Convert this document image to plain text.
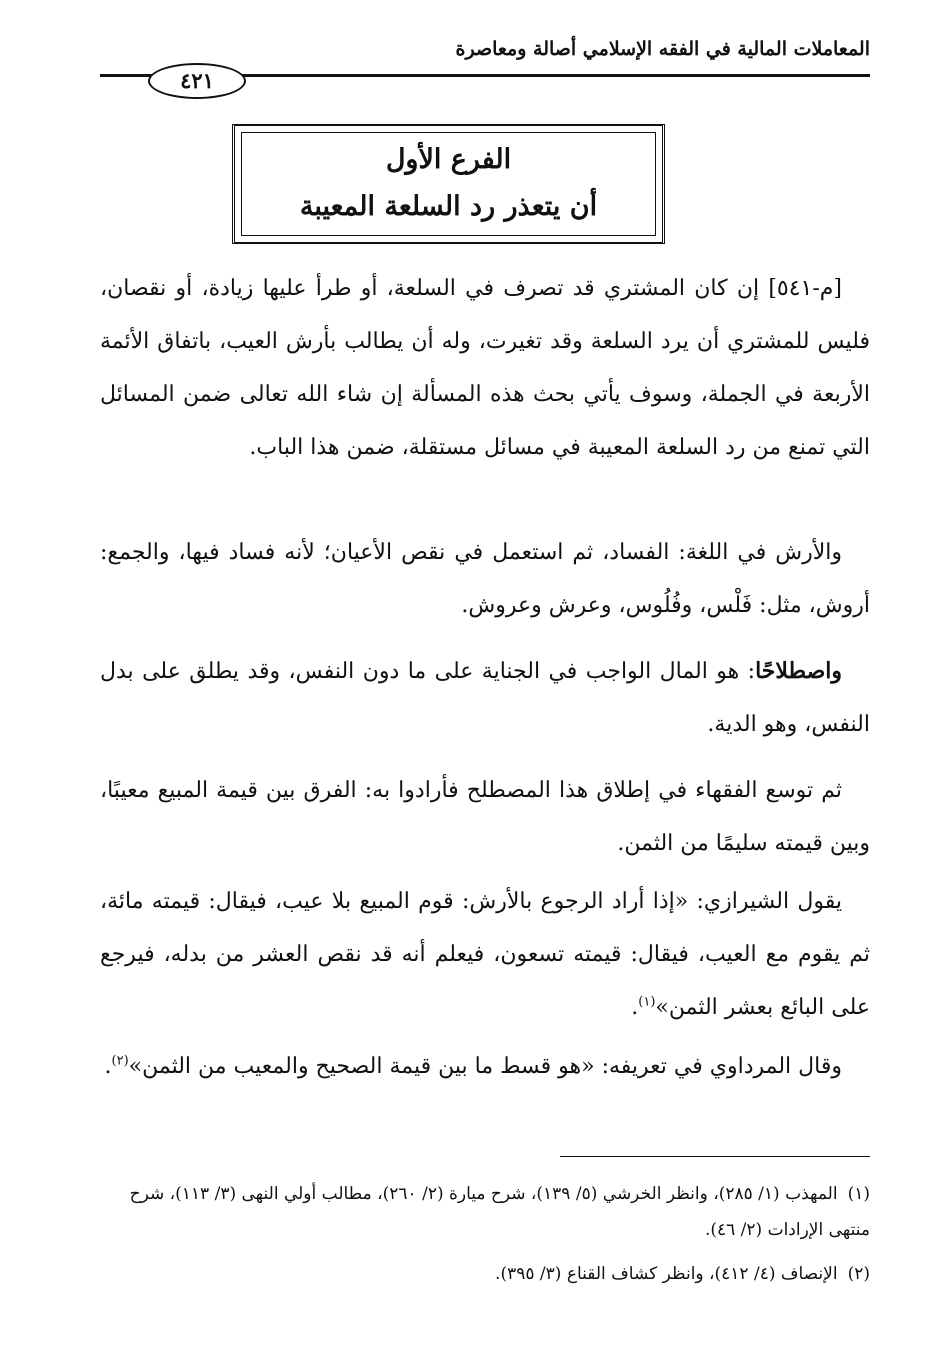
المعاملات المالية في الفقه الإسلامي أصالة ومعاصرة
٤٢١
الفرع الأول
أن يتعذر رد السلعة المعيبة
[م-٥٤١] إن كان المشتري قد تصرف في السلعة، أو طرأ عليها زيادة، أو نقصان، فليس للمشتري أن يرد السلعة وقد تغيرت، وله أن يطالب بأرش العيب، باتفاق الأئمة الأربعة في الجملة، وسوف يأتي بحث هذه المسألة إن شاء الله تعالى ضمن المسائل التي تمنع من رد السلعة المعيبة في مسائل مستقلة، ضمن هذا الباب.
والأرش في اللغة: الفساد، ثم استعمل في نقص الأعيان؛ لأنه فساد فيها، والجمع: أروش، مثل: فَلْس، وفُلُوس، وعرش وعروش.
واصطلاحًا: هو المال الواجب في الجناية على ما دون النفس، وقد يطلق على بدل النفس، وهو الدية.
ثم توسع الفقهاء في إطلاق هذا المصطلح فأرادوا به: الفرق بين قيمة المبيع معيبًا، وبين قيمته سليمًا من الثمن.
يقول الشيرازي: «إذا أراد الرجوع بالأرش: قوم المبيع بلا عيب، فيقال: قيمته مائة، ثم يقوم مع العيب، فيقال: قيمته تسعون، فيعلم أنه قد نقص العشر من بدله، فيرجع على البائع بعشر الثمن»$^{(١)}$.
وقال المرداوي في تعريفه: «هو قسط ما بين قيمة الصحيح والمعيب من الثمن»$^{(٢)}$.
(١)المهذب (١/ ٢٨٥)، وانظر الخرشي (٥/ ١٣٩)، شرح ميارة (٢/ ٢٦٠)، مطالب أولي النهى (٣/ ١١٣)، شرح منتهى الإرادات (٢/ ٤٦).
(٢)الإنصاف (٤/ ٤١٢)، وانظر كشاف القناع (٣/ ٣٩٥).
